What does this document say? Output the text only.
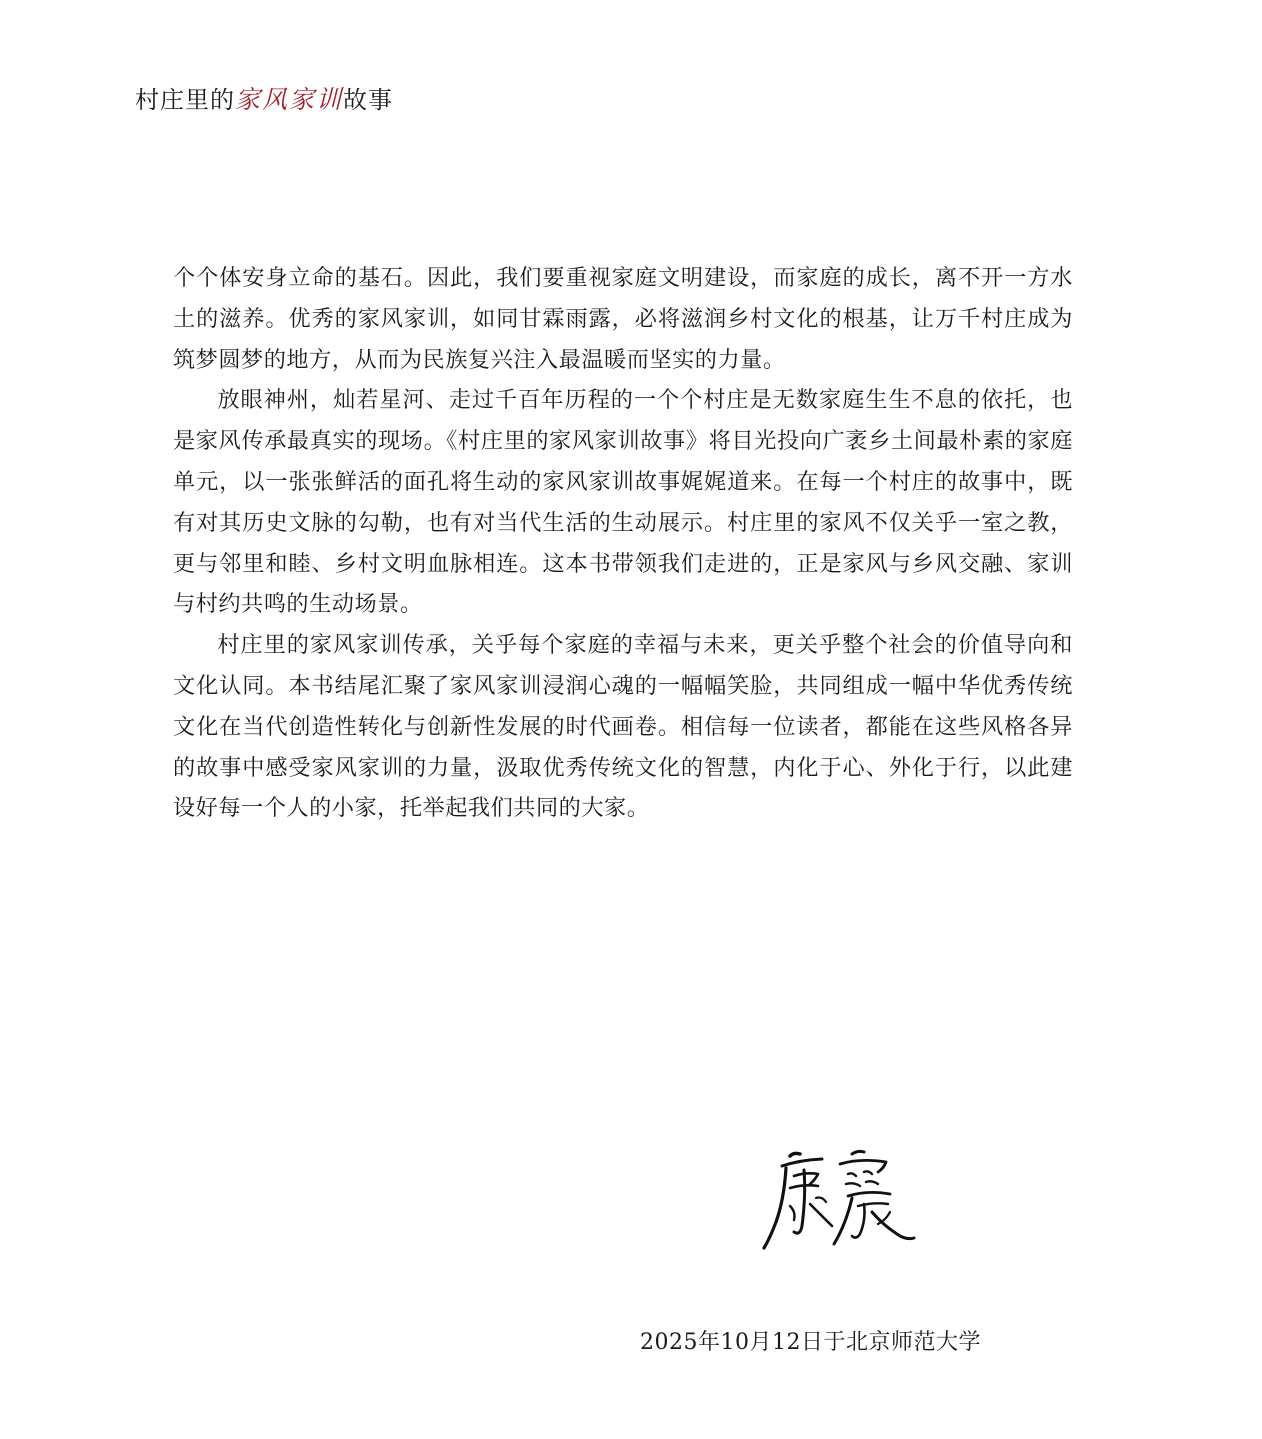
村庄里的 家风家训 故事

个个体安身立命的基石。因此，我们要重视家庭文明建设，而家庭的成长，离不开一方水土的滋养。优秀的家风家训，如同甘霖雨露，必将滋润乡村文化的根基，让万千村庄成为筑梦圆梦的地方，从而为民族复兴注入最温暖而坚实的力量。

放眼神州，灿若星河、走过千百年历程的一个个村庄是无数家庭生生不息的依托，也是家风传承最真实的现场。《村庄里的家风家训故事》将目光投向广袤乡土间最朴素的家庭单元，以一张张鲜活的面孔将生动的家风家训故事娓娓道来。在每一个村庄的故事中，既有对其历史文脉的勾勒，也有对当代生活的生动展示。村庄里的家风不仅关乎一室之教，更与邻里和睦、乡村文明血脉相连。这本书带领我们走进的，正是家风与乡风交融、家训与村约共鸣的生动场景。

村庄里的家风家训传承，关乎每个家庭的幸福与未来，更关乎整个社会的价值导向和文化认同。本书结尾汇聚了家风家训浸润心魂的一幅幅笑脸，共同组成一幅中华优秀传统文化在当代创造性转化与创新性发展的时代画卷。相信每一位读者，都能在这些风格各异的故事中感受家风家训的力量，汲取优秀传统文化的智慧，内化于心、外化于行，以此建设好每一个人的小家，托举起我们共同的大家。

2025年10月12日于北京师范大学
